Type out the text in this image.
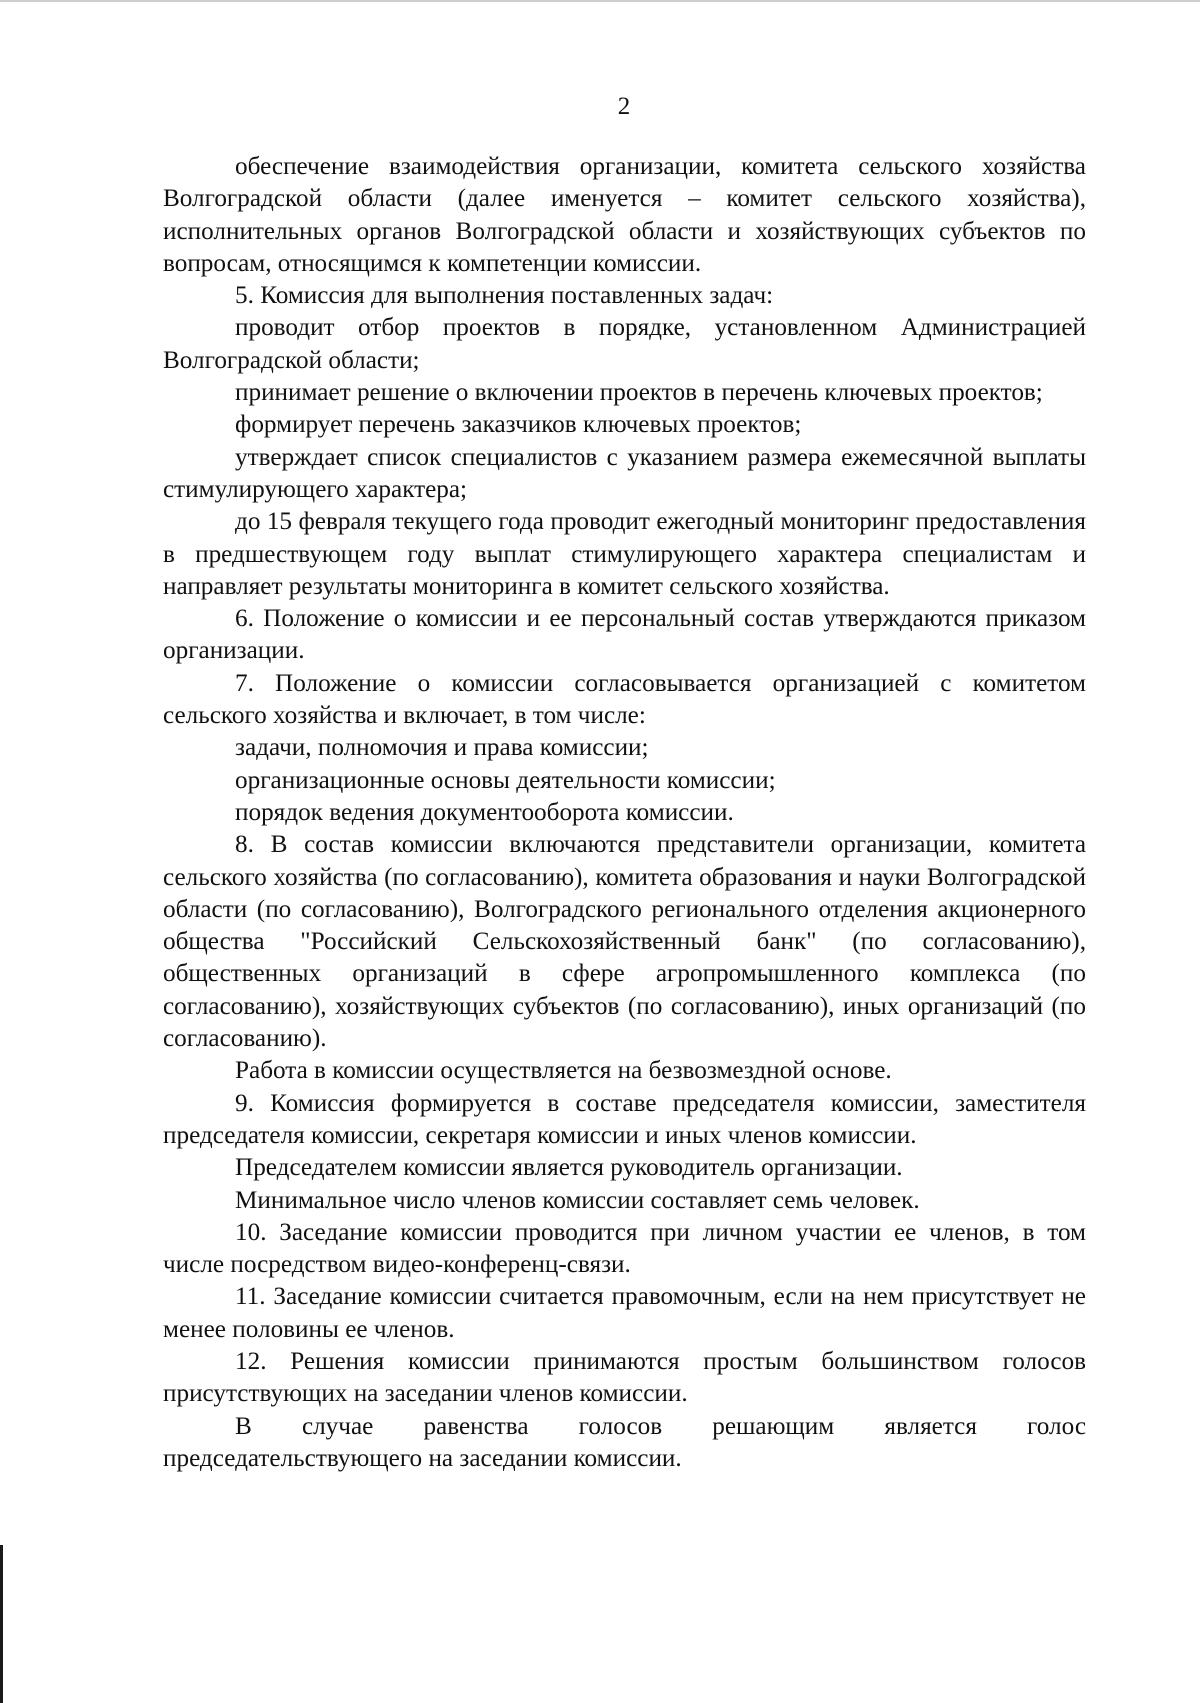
2

обеспечение взаимодействия организации, комитета сельского хозяйства Волгоградской области (далее именуется – комитет сельского хозяйства), исполнительных органов Волгоградской области и хозяйствующих субъектов по вопросам, относящимся к компетенции комиссии.

5. Комиссия для выполнения поставленных задач:

проводит отбор проектов в порядке, установленном Администрацией Волгоградской области;

принимает решение о включении проектов в перечень ключевых проектов;

формирует перечень заказчиков ключевых проектов;

утверждает список специалистов с указанием размера ежемесячной выплаты стимулирующего характера;

до 15 февраля текущего года проводит ежегодный мониторинг предоставления в предшествующем году выплат стимулирующего характера специалистам и направляет результаты мониторинга в комитет сельского хозяйства.

6. Положение о комиссии и ее персональный состав утверждаются приказом организации.

7. Положение о комиссии согласовывается организацией с комитетом сельского хозяйства и включает, в том числе:

задачи, полномочия и права комиссии;

организационные основы деятельности комиссии;

порядок ведения документооборота комиссии.

8. В состав комиссии включаются представители организации, комитета сельского хозяйства (по согласованию), комитета образования и науки Волгоградской области (по согласованию), Волгоградского регионального отделения акционерного общества "Российский Сельскохозяйственный банк" (по согласованию), общественных организаций в сфере агропромышленного комплекса (по согласованию), хозяйствующих субъектов (по согласованию), иных организаций (по согласованию).

Работа в комиссии осуществляется на безвозмездной основе.

9. Комиссия формируется в составе председателя комиссии, заместителя председателя комиссии, секретаря комиссии и иных членов комиссии.

Председателем комиссии является руководитель организации.

Минимальное число членов комиссии составляет семь человек.

10. Заседание комиссии проводится при личном участии ее членов, в том числе посредством видео-конференц-связи.

11. Заседание комиссии считается правомочным, если на нем присутствует не менее половины ее членов.

12. Решения комиссии принимаются простым большинством голосов присутствующих на заседании членов комиссии.

В случае равенства голосов решающим является голос председательствующего на заседании комиссии.
